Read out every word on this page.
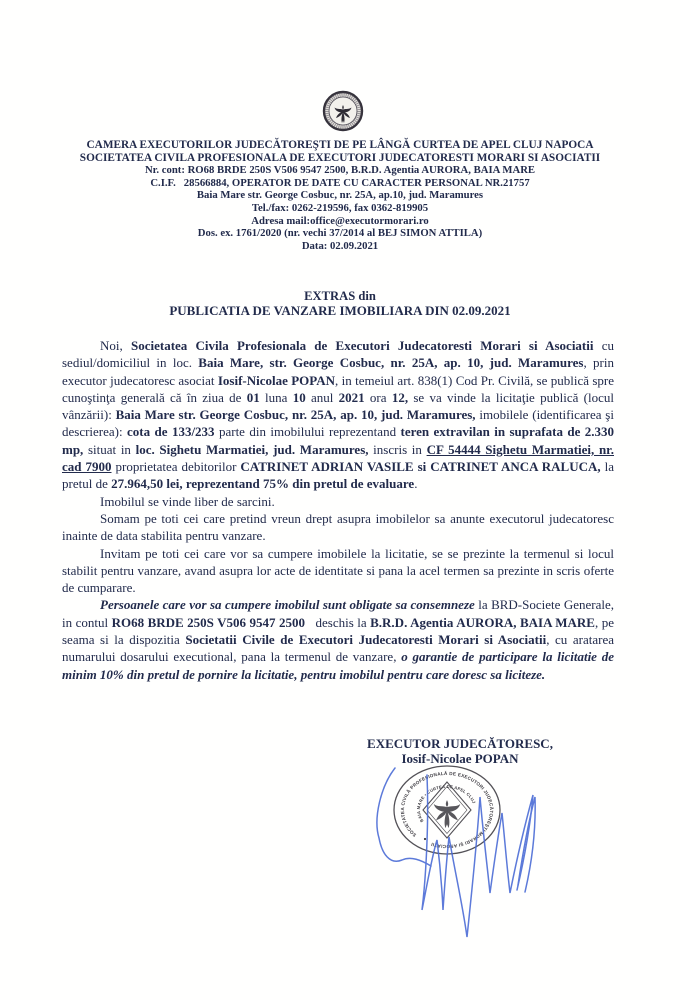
CAMERA EXECUTORILOR JUDECĂTOREŞTI DE PE LÂNGĂ CURTEA DE APEL CLUJ NAPOCA
SOCIETATEA CIVILA PROFESIONALA DE EXECUTORI JUDECATORESTI MORARI SI ASOCIATII
Nr. cont: RO68 BRDE 250S V506 9547 2500, B.R.D. Agentia AURORA, BAIA MARE
C.I.F.   28566884, OPERATOR DE DATE CU CARACTER PERSONAL NR.21757
Baia Mare str. George Cosbuc, nr. 25A, ap.10, jud. Maramures
Tel./fax: 0262-219596, fax 0362-819905
Adresa mail:office@executormorari.ro
Dos. ex. 1761/2020 (nr. vechi 37/2014 al BEJ SIMON ATTILA)
Data: 02.09.2021
EXTRAS din
PUBLICATIA DE VANZARE IMOBILIARA DIN 02.09.2021

Noi, Societatea Civila Profesionala de Executori Judecatoresti Morari si Asociatii cu sediul/domiciliul in loc. Baia Mare, str. George Cosbuc, nr. 25A, ap. 10, jud. Maramures, prin executor judecatoresc asociat Iosif-Nicolae POPAN, in temeiul art. 838(1) Cod Pr. Civilă, se publică spre cunoştinţa generală că în ziua de 01 luna 10 anul 2021 ora 12, se va vinde la licitaţie publică (locul vânzării): Baia Mare str. George Cosbuc, nr. 25A, ap. 10, jud. Maramures, imobilele (identificarea şi descrierea): cota de 133/233 parte din imobilului reprezentand teren extravilan in suprafata de 2.330 mp, situat in loc. Sighetu Marmatiei, jud. Maramures, inscris in CF 54444 Sighetu Marmatiei, nr. cad 7900 proprietatea debitorilor CATRINET ADRIAN VASILE si CATRINET ANCA RALUCA, la pretul de 27.964,50 lei, reprezentand 75% din pretul de evaluare.

Imobilul se vinde liber de sarcini.

Somam pe toti cei care pretind vreun drept asupra imobilelor sa anunte executorul judecatoresc inainte de data stabilita pentru vanzare.

Invitam pe toti cei care vor sa cumpere imobilele la licitatie, se se prezinte la termenul si locul stabilit pentru vanzare, avand asupra lor acte de identitate si pana la acel termen sa prezinte in scris oferte de cumparare.

Persoanele care vor sa cumpere imobilul sunt obligate sa consemneze la BRD-Societe Generale, in contul RO68 BRDE 250S V506 9547 2500   deschis la B.R.D. Agentia AURORA, BAIA MARE, pe seama si la dispozitia Societatii Civile de Executori Judecatoresti Morari si Asociatii, cu aratarea numarului dosarului executional, pana la termenul de vanzare, o garantie de participare la licitatie de minim 10% din pretul de pornire la licitatie, pentru imobilul pentru care doresc sa liciteze.

EXECUTOR JUDECĂTORESC,
Iosif-Nicolae POPAN
SOCIETATEA CIVILĂ PROFESIONALĂ DE EXECUTORI JUDECĂTOREŞTI MORARI ŞI ASOCIAŢII
BAIA MARE • CURTEA DE APEL CLUJ
